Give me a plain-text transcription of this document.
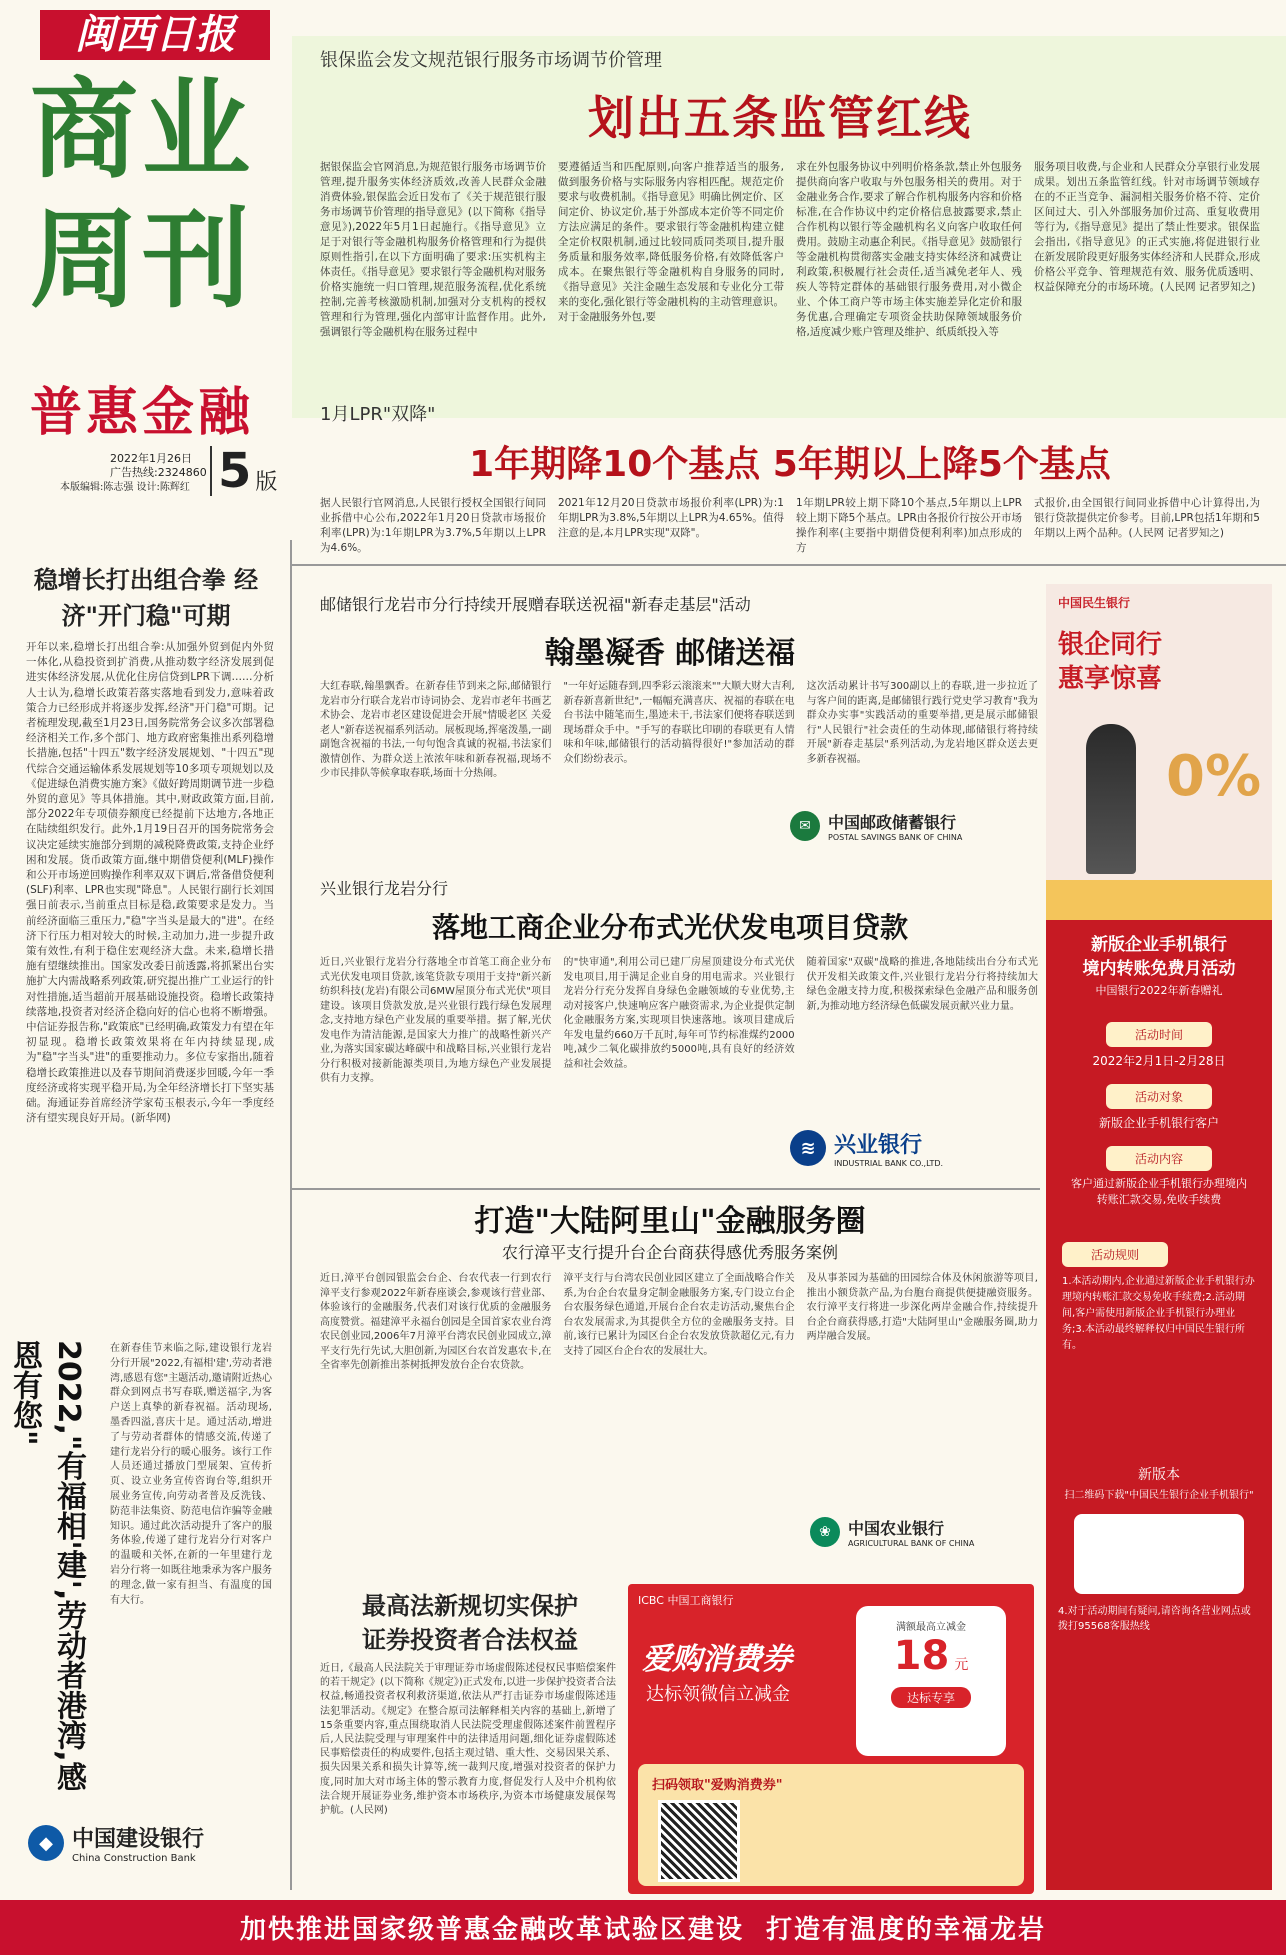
闽西日报
商业
周刊
普惠金融
2022年1月26日
广告热线:2324860
本版编辑:陈志强 设计:陈辉红 5 版
银保监会发文规范银行服务市场调节价管理
划出五条监管红线
据银保监会官网消息,为规范银行服务市场调节价管理,提升服务实体经济质效,改善人民群众金融消费体验,银保监会近日发布了《关于规范银行服务市场调节价管理的指导意见》(以下简称《指导意见》),2022年5月1日起施行。《指导意见》立足于对银行等金融机构服务价格管理和行为提供原则性指引,在以下方面明确了要求:压实机构主体责任。《指导意见》要求银行等金融机构对服务价格实施统一归口管理,规范服务流程,优化系统控制,完善考核激励机制,加强对分支机构的授权管理和行为管理,强化内部审计监督作用。此外,强调银行等金融机构在服务过程中
要遵循适当和匹配原则,向客户推荐适当的服务,做到服务价格与实际服务内容相匹配。规范定价要求与收费机制。《指导意见》明确比例定价、区间定价、协议定价,基于外部成本定价等不同定价方法应满足的条件。要求银行等金融机构建立健全定价权限机制,通过比较同质同类项目,提升服务质量和服务效率,降低服务价格,有效降低客户成本。在聚焦银行等金融机构自身服务的同时,《指导意见》关注金融生态发展和专业化分工带来的变化,强化银行等金融机构的主动管理意识。对于金融服务外包,要
求在外包服务协议中列明价格条款,禁止外包服务提供商向客户收取与外包服务相关的费用。对于金融业务合作,要求了解合作机构服务内容和价格标准,在合作协议中约定价格信息披露要求,禁止合作机构以银行等金融机构名义向客户收取任何费用。鼓励主动惠企利民。《指导意见》鼓励银行等金融机构贯彻落实金融支持实体经济和减费让利政策,积极履行社会责任,适当减免老年人、残疾人等特定群体的基础银行服务费用,对小微企业、个体工商户等市场主体实施差异化定价和服务优惠,合理确定专项资金扶助保障领域服务价格,适度减少账户管理及维护、纸质纸投入等
服务项目收费,与企业和人民群众分享银行业发展成果。划出五条监管红线。针对市场调节领域存在的不正当竞争、漏洞相关服务价格不符、定价区间过大、引入外部服务加价过高、重复收费用等行为,《指导意见》提出了禁止性要求。银保监会指出,《指导意见》的正式实施,将促进银行业在新发展阶段更好服务实体经济和人民群众,形成价格公平竞争、管理规范有效、服务优质透明、权益保障充分的市场环境。(人民网 记者罗知之)
1月LPR"双降"
1年期降10个基点 5年期以上降5个基点
据人民银行官网消息,人民银行授权全国银行间同业拆借中心公布,2022年1月20日贷款市场报价利率(LPR)为:1年期LPR为3.7%,5年期以上LPR为4.6%。
2021年12月20日贷款市场报价利率(LPR)为:1年期LPR为3.8%,5年期以上LPR为4.65%。值得注意的是,本月LPR实现"双降"。
1年期LPR较上期下降10个基点,5年期以上LPR较上期下降5个基点。LPR由各报价行按公开市场操作利率(主要指中期借贷便利利率)加点形成的方
式报价,由全国银行间同业拆借中心计算得出,为银行贷款提供定价参考。目前,LPR包括1年期和5年期以上两个品种。(人民网 记者罗知之)
稳增长打出组合拳 经济"开门稳"可期
开年以来,稳增长打出组合拳:从加强外贸到促内外贸一体化,从稳投资到扩消费,从推动数字经济发展到促进实体经济发展,从优化住房信贷到LPR下调……分析人士认为,稳增长政策若落实落地看到发力,意味着政策合力已经形成并将逐步发挥,经济"开门稳"可期。记者梳理发现,截至1月23日,国务院常务会议多次部署稳经济相关工作,多个部门、地方政府密集推出系列稳增长措施,包括"十四五"数字经济发展规划、"十四五"现代综合交通运输体系发展规划等10多项专项规划以及《促进绿色消费实施方案》《做好跨周期调节进一步稳外贸的意见》等具体措施。其中,财政政策方面,目前,部分2022年专项债券额度已经提前下达地方,各地正在陆续组织发行。此外,1月19日召开的国务院常务会议决定延续实施部分到期的减税降费政策,支持企业纾困和发展。货币政策方面,继中期借贷便利(MLF)操作和公开市场逆回购操作利率双双下调后,常备借贷便利(SLF)利率、LPR也实现"降息"。人民银行副行长刘国强日前表示,当前重点目标是稳,政策要求是发力。当前经济面临三重压力,"稳"字当头是最大的"进"。在经济下行压力相对较大的时候,主动加力,进一步提升政策有效性,有利于稳住宏观经济大盘。未来,稳增长措施有望继续推出。国家发改委日前透露,将抓紧出台实施扩大内需战略系列政策,研究提出推广工业运行的针对性措施,适当超前开展基础设施投资。稳增长政策持续落地,投资者对经济企稳向好的信心也将不断增强。中信证券报告称,"政策底"已经明确,政策发力有望在年初显现。稳增长政策效果将在年内持续显现,成为"稳"字当头"进"的重要推动力。多位专家指出,随着稳增长政策推进以及春节期间消费逐步回暖,今年一季度经济或将实现平稳开局,为全年经济增长打下坚实基础。海通证券首席经济学家荀玉根表示,今年一季度经济有望实现良好开局。(新华网)
2022,"有福相'建',劳动者港湾,感恩有您"	在新春佳节来临之际,建设银行龙岩分行开展"2022,有福相'建',劳动者港湾,感恩有您"主题活动,邀请附近热心群众到网点书写春联,赠送福字,为客户送上真挚的新春祝福。活动现场,墨香四溢,喜庆十足。通过活动,增进了与劳动者群体的情感交流,传递了建行龙岩分行的暖心服务。该行工作人员还通过播放门型展架、宣传折页、设立业务宣传咨询台等,组织开展业务宣传,向劳动者普及反洗钱、防范非法集资、防范电信诈骗等金融知识。通过此次活动提升了客户的服务体验,传递了建行龙岩分行对客户的温暖和关怀,在新的一年里建行龙岩分行将一如既往地秉承为客户服务的理念,做一家有担当、有温度的国有大行。
◆ 中国建设银行
China Construction Bank
邮储银行龙岩市分行持续开展赠春联送祝福"新春走基层"活动
翰墨凝香 邮储送福
大红春联,翰墨飘香。在新春佳节到来之际,邮储银行龙岩市分行联合龙岩市诗词协会、龙岩市老年书画艺术协会、龙岩市老区建设促进会开展"情暖老区 关爱老人"新春送祝福系列活动。展板现场,挥毫泼墨,一副副饱含祝福的书法,一句句饱含真诚的祝福,书法家们激情创作、为群众送上浓浓年味和新春祝福,现场不少市民排队等候拿取春联,场面十分热闹。
"一年好运随春到,四季彩云滚滚来""大顺大财大吉利,新春新喜新世纪",一幅幅充满喜庆、祝福的春联在电台书法中随笔而生,墨迹未干,书法家们便将春联送到现场群众手中。"手写的春联比印刷的春联更有人情味和年味,邮储银行的活动搞得很好!"参加活动的群众们纷纷表示。
这次活动累计书写300副以上的春联,进一步拉近了与客户间的距离,是邮储银行践行党史学习教育"我为群众办实事"实践活动的重要举措,更是展示邮储银行"人民银行"社会责任的生动体现,邮储银行将持续开展"新春走基层"系列活动,为龙岩地区群众送去更多新春祝福。
✉	中国邮政储蓄银行
POSTAL SAVINGS BANK OF CHINA
兴业银行龙岩分行
落地工商企业分布式光伏发电项目贷款
近日,兴业银行龙岩分行落地全市首笔工商企业分布式光伏发电项目贷款,该笔贷款专项用于支持"新兴新纺织科技(龙岩)有限公司6MW屋顶分布式光伏"项目建设。该项目贷款发放,是兴业银行践行绿色发展理念,支持地方绿色产业发展的重要举措。据了解,光伏发电作为清洁能源,是国家大力推广的战略性新兴产业,为落实国家碳达峰碳中和战略目标,兴业银行龙岩分行积极对接新能源类项目,为地方绿色产业发展提供有力支撑。
的"快审通",利用公司已建厂房屋顶建设分布式光伏发电项目,用于满足企业自身的用电需求。兴业银行龙岩分行充分发挥自身绿色金融领域的专业优势,主动对接客户,快速响应客户融资需求,为企业提供定制化金融服务方案,实现项目快速落地。该项目建成后年发电量约660万千瓦时,每年可节约标准煤约2000吨,减少二氧化碳排放约5000吨,具有良好的经济效益和社会效益。
随着国家"双碳"战略的推进,各地陆续出台分布式光伏开发相关政策文件,兴业银行龙岩分行将持续加大绿色金融支持力度,积极探索绿色金融产品和服务创新,为推动地方经济绿色低碳发展贡献兴业力量。
≋ 兴业银行
INDUSTRIAL BANK CO.,LTD.
打造"大陆阿里山"金融服务圈
农行漳平支行提升台企台商获得感优秀服务案例
近日,漳平台创园银监会台企、台农代表一行到农行漳平支行参观2022年新春座谈会,参观该行营业部、体验该行的金融服务,代表们对该行优质的金融服务高度赞赏。福建漳平永福台创园是全国首家农业台湾农民创业园,2006年7月漳平台湾农民创业园成立,漳平支行先行先试,大胆创新,为园区台农首发惠农卡,在全省率先创新推出茶树抵押发放台企台农贷款。
漳平支行与台湾农民创业园区建立了全面战略合作关系,为台企台农量身定制金融服务方案,专门设立台企台农服务绿色通道,开展台企台农走访活动,聚焦台企台农发展需求,为其提供全方位的金融服务支持。目前,该行已累计为园区台企台农发放贷款超亿元,有力支持了园区台企台农的发展壮大。
及从事茶园为基础的田园综合体及休闲旅游等项目,推出小额贷款产品,为台胞台商提供便捷融资服务。农行漳平支行将进一步深化两岸金融合作,持续提升台企台商获得感,打造"大陆阿里山"金融服务圈,助力两岸融合发展。
❀	中国农业银行
AGRICULTURAL BANK OF CHINA
最高法新规切实保护
证券投资者合法权益
近日,《最高人民法院关于审理证券市场虚假陈述侵权民事赔偿案件的若干规定》(以下简称《规定》)正式发布,以进一步保护投资者合法权益,畅通投资者权利救济渠道,依法从严打击证券市场虚假陈述违法犯罪活动。《规定》在整合原司法解释相关内容的基础上,新增了15条重要内容,重点围绕取消人民法院受理虚假陈述案件前置程序后,人民法院受理与审理案件中的法律适用问题,细化证券虚假陈述民事赔偿责任的构成要件,包括主观过错、重大性、交易因果关系、损失因果关系和损失计算等,统一裁判尺度,增强对投资者的保护力度,同时加大对市场主体的警示教育力度,督促发行人及中介机构依法合规开展证券业务,维护资本市场秩序,为资本市场健康发展保驾护航。(人民网)
ICBC 中国工商银行
爱购消费券
达标领微信立减金
满额最高立减金
18 元
达标专享
扫码领取"爱购消费券"
中国民生银行
银企同行
惠享惊喜
0%
新版企业手机银行
境内转账免费月活动
中国银行2022年新春赠礼
活动时间
2022年2月1日-2月28日
活动对象
新版企业手机银行客户
活动内容
客户通过新版企业手机银行办理境内转账汇款交易,免收手续费
活动规则
1.本活动期内,企业通过新版企业手机银行办理境内转账汇款交易免收手续费;2.活动期间,客户需使用新版企业手机银行办理业务;3.本活动最终解释权归中国民生银行所有。
新版本
扫二维码下载"中国民生银行企业手机银行"
4.对于活动期间有疑问,请咨询各营业网点或拨打95568客服热线
加快推进国家级普惠金融改革试验区建设  打造有温度的幸福龙岩
